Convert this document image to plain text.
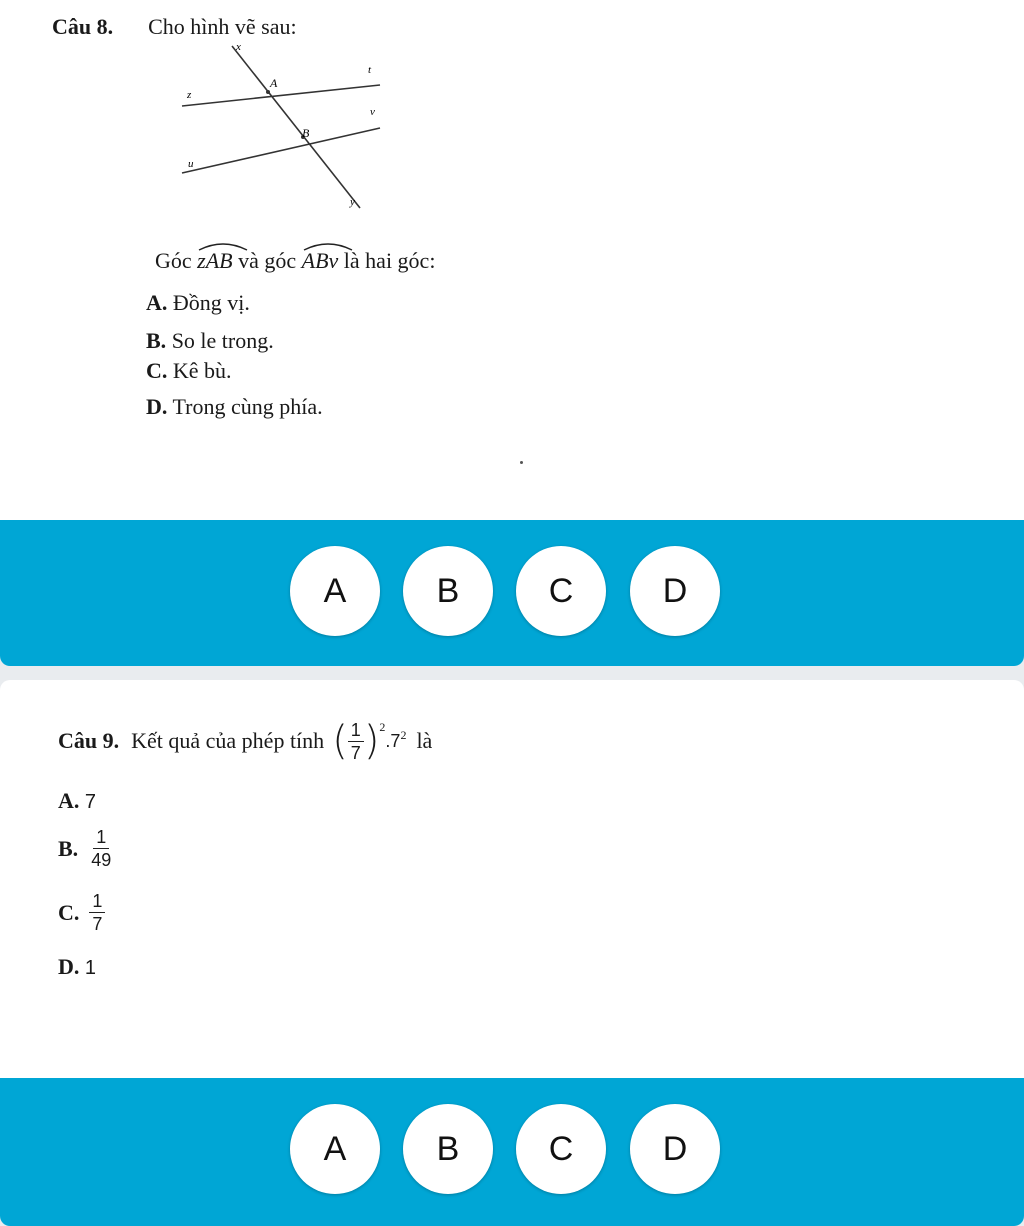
Câu 8. Cho hình vẽ sau:
x
t
z
A
v
B
u
y
Góc zAB và góc ABv là hai góc:
A. Đồng vị.
B. So le trong.
C. Kê bù.
D. Trong cùng phía.
A	B	C	D
Câu 9. Kết quả của phép tính ( $\frac{1}{7} )^2$
$.7^2$ là
A. 7
B. $\frac{1}{49}$
C. $\frac{1}{7}$
D. 1
A	B	C	D
